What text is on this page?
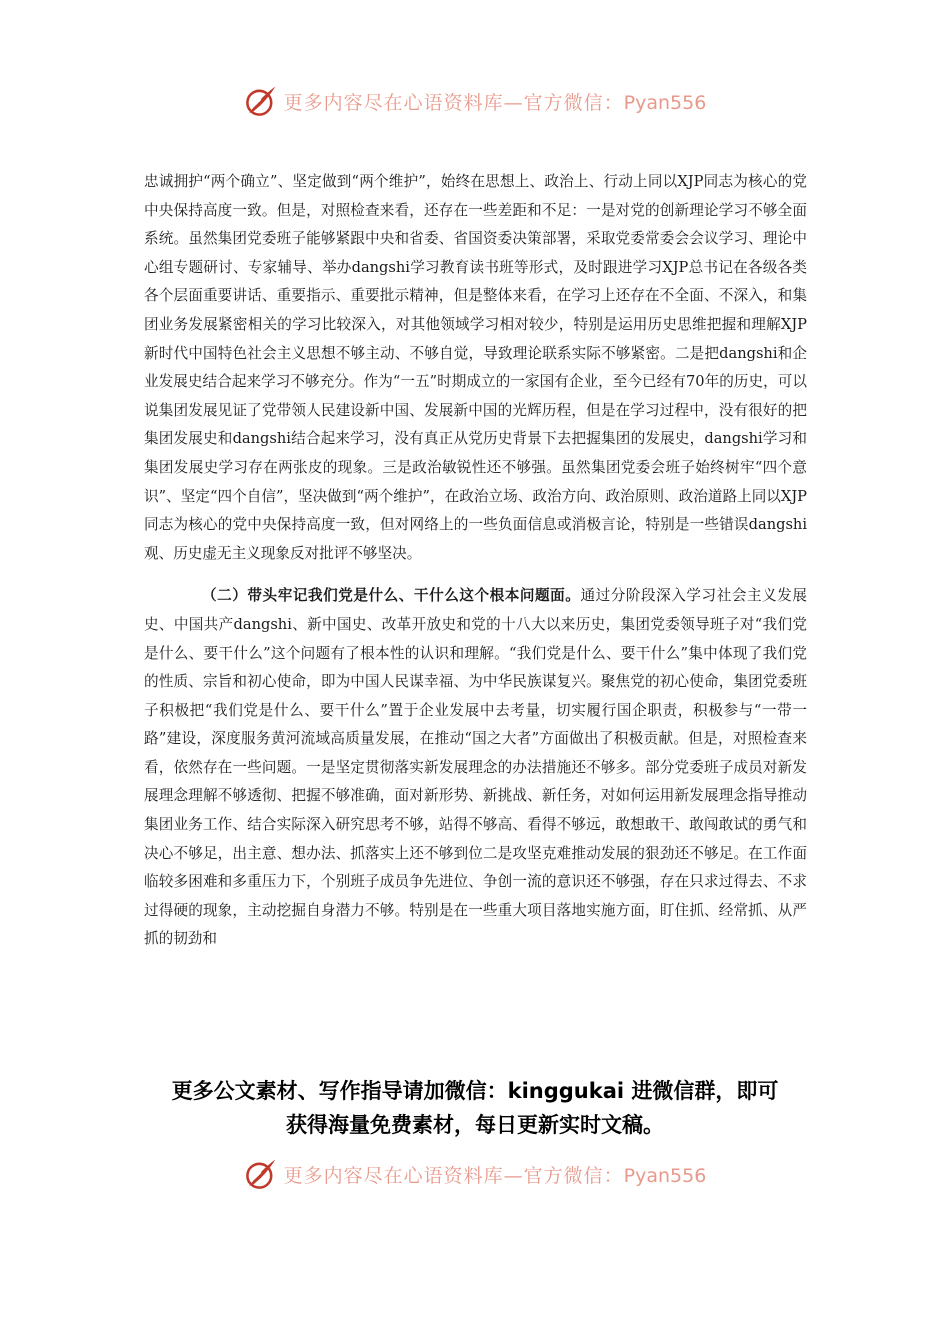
更多内容尽在心语资料库—官方微信：Pyan556

忠诚拥护“两个确立”、坚定做到“两个维护”，始终在思想上、政治上、行动上同以XJP同志为核心的党中央保持高度一致。但是，对照检查来看，还存在一些差距和不足：一是对党的创新理论学习不够全面系统。虽然集团党委班子能够紧跟中央和省委、省国资委决策部署，采取党委常委会会议学习、理论中心组专题研讨、专家辅导、举办dangshi学习教育读书班等形式，及时跟进学习XJP总书记在各级各类各个层面重要讲话、重要指示、重要批示精神，但是整体来看，在学习上还存在不全面、不深入，和集团业务发展紧密相关的学习比较深入，对其他领域学习相对较少，特别是运用历史思维把握和理解XJP新时代中国特色社会主义思想不够主动、不够自觉，导致理论联系实际不够紧密。二是把dangshi和企业发展史结合起来学习不够充分。作为“一五”时期成立的一家国有企业，至今已经有70年的历史，可以说集团发展见证了党带领人民建设新中国、发展新中国的光辉历程，但是在学习过程中，没有很好的把集团发展史和dangshi结合起来学习，没有真正从党历史背景下去把握集团的发展史，dangshi学习和集团发展史学习存在两张皮的现象。三是政治敏锐性还不够强。虽然集团党委会班子始终树牢“四个意识”、坚定“四个自信”，坚决做到“两个维护”，在政治立场、政治方向、政治原则、政治道路上同以XJP同志为核心的党中央保持高度一致，但对网络上的一些负面信息或消极言论，特别是一些错误dangshi观、历史虚无主义现象反对批评不够坚决。

（二）带头牢记我们党是什么、干什么这个根本问题面。通过分阶段深入学习社会主义发展史、中国共产dangshi、新中国史、改革开放史和党的十八大以来历史，集团党委领导班子对“我们党是什么、要干什么”这个问题有了根本性的认识和理解。“我们党是什么、要干什么”集中体现了我们党的性质、宗旨和初心使命，即为中国人民谋幸福、为中华民族谋复兴。聚焦党的初心使命，集团党委班子积极把“我们党是什么、要干什么”置于企业发展中去考量，切实履行国企职责，积极参与“一带一路”建设，深度服务黄河流域高质量发展，在推动“国之大者”方面做出了积极贡献。但是，对照检查来看，依然存在一些问题。一是坚定贯彻落实新发展理念的办法措施还不够多。部分党委班子成员对新发展理念理解不够透彻、把握不够准确，面对新形势、新挑战、新任务，对如何运用新发展理念指导推动集团业务工作、结合实际深入研究思考不够，站得不够高、看得不够远，敢想敢干、敢闯敢试的勇气和决心不够足，出主意、想办法、抓落实上还不够到位二是攻坚克难推动发展的狠劲还不够足。在工作面临较多困难和多重压力下，个别班子成员争先进位、争创一流的意识还不够强，存在只求过得去、不求过得硬的现象，主动挖掘自身潜力不够。特别是在一些重大项目落地实施方面，盯住抓、经常抓、从严抓的韧劲和

更多公文素材、写作指导请加微信：kinggukai 进微信群，即可
获得海量免费素材，每日更新实时文稿。
更多内容尽在心语资料库—官方微信：Pyan556
